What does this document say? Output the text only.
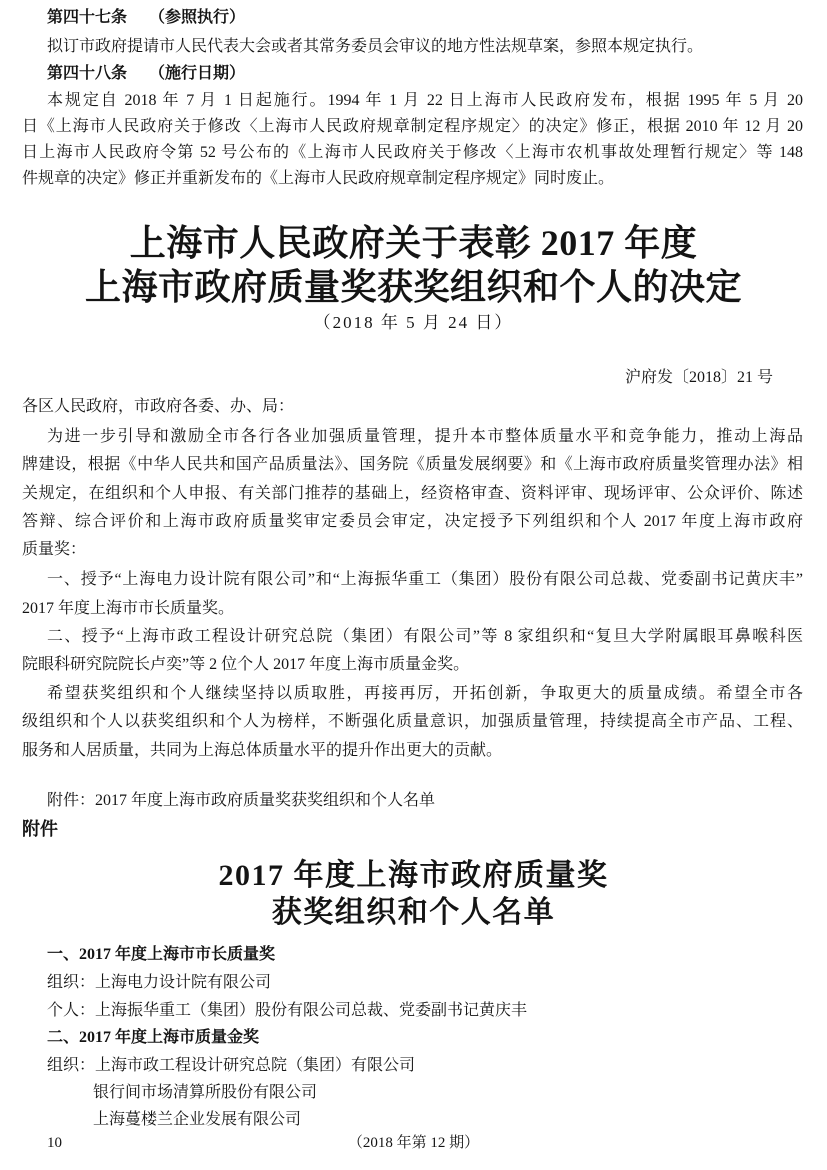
第四十七条 （参照执行）
拟订市政府提请市人民代表大会或者其常务委员会审议的地方性法规草案，参照本规定执行。
第四十八条 （施行日期）
本规定自 2018 年 7 月 1 日起施行。1994 年 1 月 22 日上海市人民政府发布，根据 1995 年 5 月 20
日《上海市人民政府关于修改〈上海市人民政府规章制定程序规定〉的决定》修正，根据 2010 年 12 月 20
日上海市人民政府令第 52 号公布的《上海市人民政府关于修改〈上海市农机事故处理暂行规定〉等 148
件规章的决定》修正并重新发布的《上海市人民政府规章制定程序规定》同时废止。
上海市人民政府关于表彰 2017 年度
上海市政府质量奖获奖组织和个人的决定
（2018 年 5 月 24 日）
沪府发〔2018〕21 号
各区人民政府，市政府各委、办、局：
为进一步引导和激励全市各行各业加强质量管理，提升本市整体质量水平和竞争能力，推动上海品
牌建设，根据《中华人民共和国产品质量法》、国务院《质量发展纲要》和《上海市政府质量奖管理办法》相
关规定，在组织和个人申报、有关部门推荐的基础上，经资格审查、资料评审、现场评审、公众评价、陈述
答辩、综合评价和上海市政府质量奖审定委员会审定，决定授予下列组织和个人 2017 年度上海市政府
质量奖：
一、授予“上海电力设计院有限公司”和“上海振华重工（集团）股份有限公司总裁、党委副书记黄庆丰”
2017 年度上海市市长质量奖。
二、授予“上海市政工程设计研究总院（集团）有限公司”等 8 家组织和“复旦大学附属眼耳鼻喉科医
院眼科研究院院长卢奕”等 2 位个人 2017 年度上海市质量金奖。
希望获奖组织和个人继续坚持以质取胜，再接再厉，开拓创新，争取更大的质量成绩。希望全市各
级组织和个人以获奖组织和个人为榜样，不断强化质量意识，加强质量管理，持续提高全市产品、工程、
服务和人居质量，共同为上海总体质量水平的提升作出更大的贡献。
附件：2017 年度上海市政府质量奖获奖组织和个人名单
附件
2017 年度上海市政府质量奖
获奖组织和个人名单
一、2017 年度上海市市长质量奖
组织：上海电力设计院有限公司
个人：上海振华重工（集团）股份有限公司总裁、党委副书记黄庆丰
二、2017 年度上海市质量金奖
组织：上海市政工程设计研究总院（集团）有限公司
银行间市场清算所股份有限公司
上海蔓楼兰企业发展有限公司
10	（2018 年第 12 期）
